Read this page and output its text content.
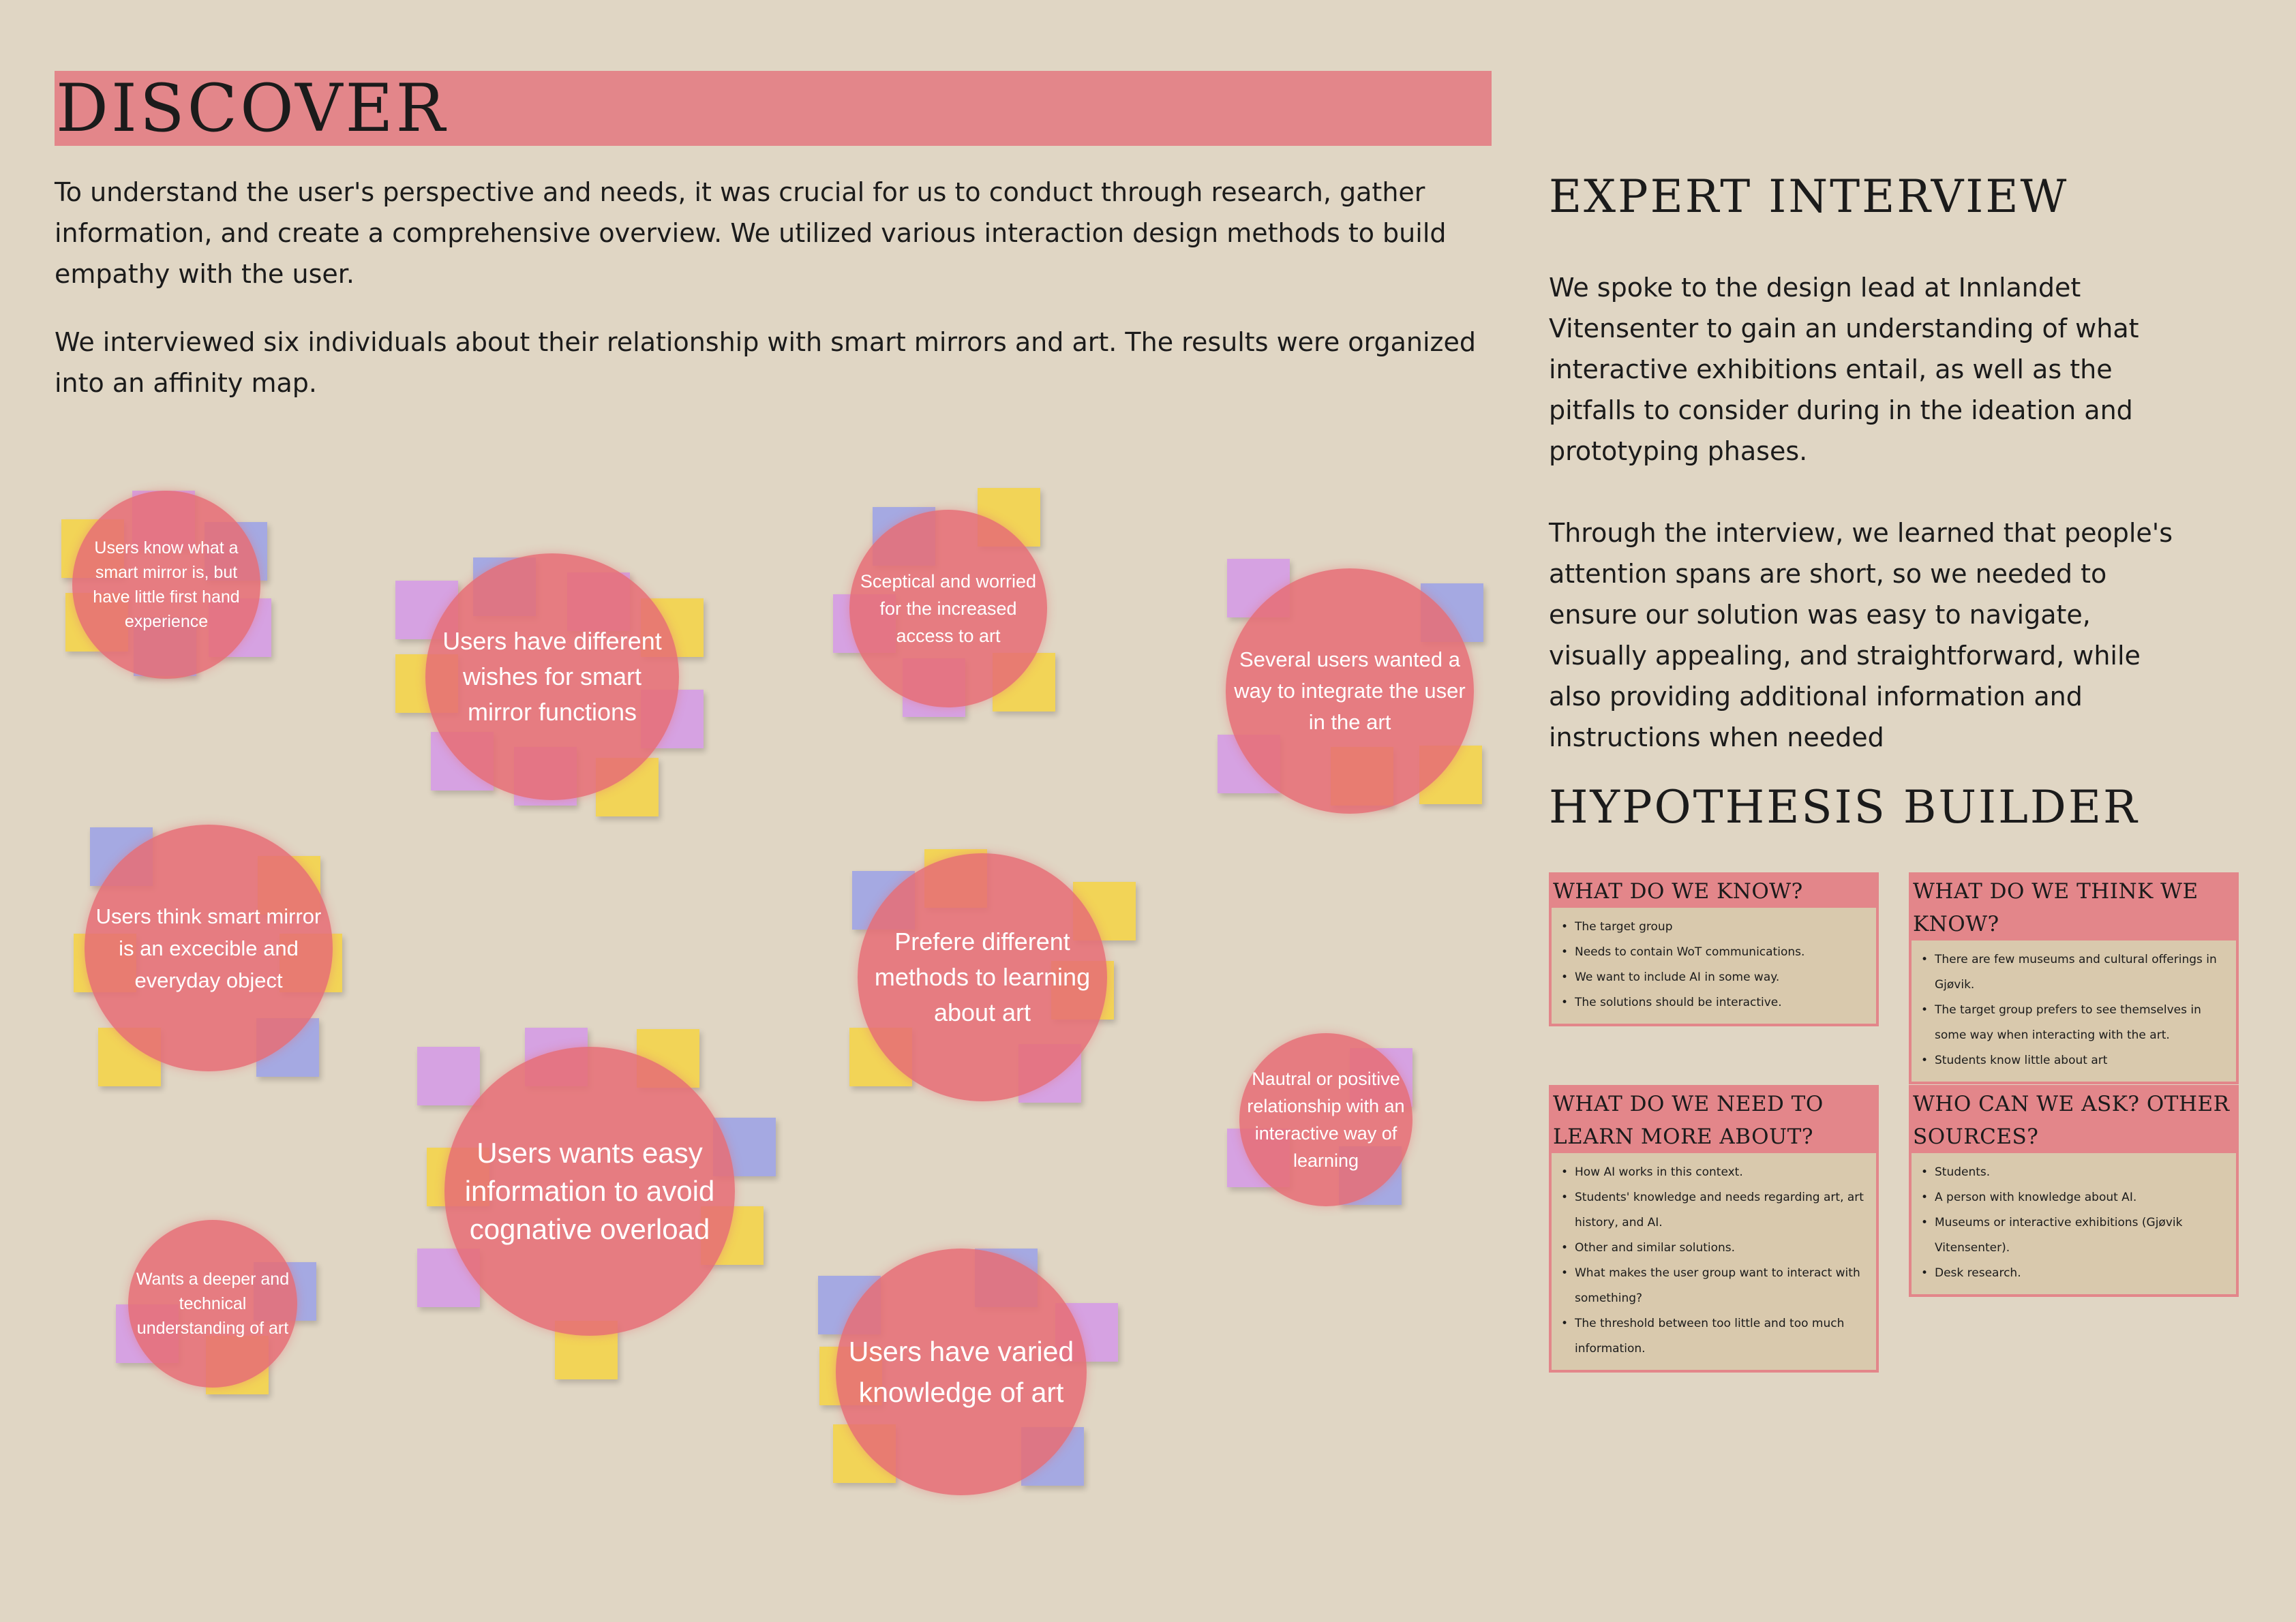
DISCOVER

To understand the user's perspective and needs, it was crucial for us to conduct through research, gather information, and create a comprehensive overview. We utilized various interaction design methods to build empathy with the user.

We interviewed six individuals about their relationship with smart mirrors and art. The results were organized into an affinity map.

Users know what a smart mirror is, but have little first hand experience
Users have different wishes for smart mirror functions
Sceptical and worried for the increased access to art
Several users wanted a way to integrate the user in the art
Users think smart mirror is an excecible and everyday object
Prefere different methods to learning about art
Nautral or positive relationship with an interactive way of learning
Users wants easy information to avoid cognative overload
Wants a deeper and technical understanding of art
Users have varied knowledge of art
EXPERT INTERVIEW

We spoke to the design lead at Innlandet Vitensenter to gain an understanding of what interactive exhibitions entail, as well as the pitfalls to consider during in the ideation and prototyping phases.

Through the interview, we learned that people's attention spans are short, so we needed to ensure our solution was easy to navigate, visually appealing, and straightforward, while also providing additional information and instructions when needed

HYPOTHESIS BUILDER
WHAT DO WE KNOW?
• The target group
• Needs to contain WoT communications.
• We want to include AI in some way.
• The solutions should be interactive.
WHAT DO WE THINK WE KNOW?
• There are few museums and cultural offerings in Gjøvik.
• The target group prefers to see themselves in some way when interacting with the art.
• Students know little about art
WHAT DO WE NEED TO LEARN MORE ABOUT?
• How AI works in this context.
• Students' knowledge and needs regarding art, art history, and AI.
• Other and similar solutions.
• What makes the user group want to interact with something?
• The threshold between too little and too much information.
WHO CAN WE ASK? OTHER SOURCES?
• Students.
• A person with knowledge about AI.
• Museums or interactive exhibitions (Gjøvik Vitensenter).
• Desk research.
